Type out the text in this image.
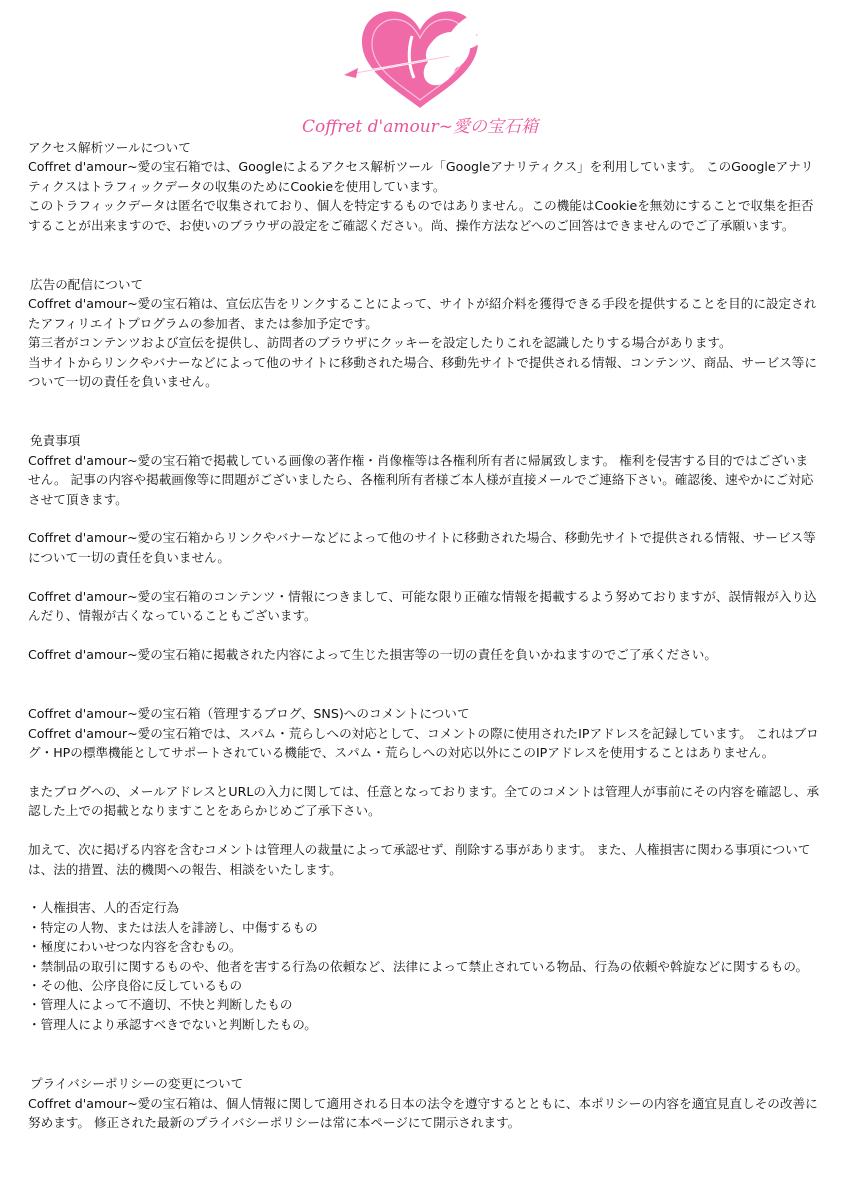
Coffret d'amour~愛の宝石箱
アクセス解析ツールについて

Coffret d'amour~愛の宝石箱では、Googleによるアクセス解析ツール「Googleアナリティクス」を利用しています。 このGoogleアナリティクスはトラフィックデータの収集のためにCookieを使用しています。
このトラフィックデータは匿名で収集されており、個人を特定するものではありません。この機能はCookieを無効にすることで収集を拒否することが出来ますので、お使いのブラウザの設定をご確認ください。尚、操作方法などへのご回答はできませんのでご了承願います。

広告の配信について

Coffret d'amour~愛の宝石箱は、宣伝広告をリンクすることによって、サイトが紹介料を獲得できる手段を提供することを目的に設定されたアフィリエイトプログラムの参加者、または参加予定です。
第三者がコンテンツおよび宣伝を提供し、訪問者のブラウザにクッキーを設定したりこれを認識したりする場合があります。
当サイトからリンクやバナーなどによって他のサイトに移動された場合、移動先サイトで提供される情報、コンテンツ、商品、サービス等について一切の責任を負いません。

免責事項

Coffret d'amour~愛の宝石箱で掲載している画像の著作権・肖像権等は各権利所有者に帰属致します。 権利を侵害する目的ではございません。 記事の内容や掲載画像等に問題がございましたら、各権利所有者様ご本人様が直接メールでご連絡下さい。確認後、速やかにご対応させて頂きます。

Coffret d'amour~愛の宝石箱からリンクやバナーなどによって他のサイトに移動された場合、移動先サイトで提供される情報、サービス等について一切の責任を負いません。

Coffret d'amour~愛の宝石箱のコンテンツ・情報につきまして、可能な限り正確な情報を掲載するよう努めておりますが、誤情報が入り込んだり、情報が古くなっていることもございます。

Coffret d'amour~愛の宝石箱に掲載された内容によって生じた損害等の一切の責任を負いかねますのでご了承ください。

Coffret d'amour~愛の宝石箱（管理するブログ、SNS)へのコメントについて

Coffret d'amour~愛の宝石箱では、スパム・荒らしへの対応として、コメントの際に使用されたIPアドレスを記録しています。 これはブログ・HPの標準機能としてサポートされている機能で、スパム・荒らしへの対応以外にこのIPアドレスを使用することはありません。

またブログへの、メールアドレスとURLの入力に関しては、任意となっております。全てのコメントは管理人が事前にその内容を確認し、承認した上での掲載となりますことをあらかじめご了承下さい。

加えて、次に掲げる内容を含むコメントは管理人の裁量によって承認せず、削除する事があります。 また、人権損害に関わる事項については、法的措置、法的機関への報告、相談をいたします。

・人権損害、人的否定行為
・特定の人物、または法人を誹謗し、中傷するもの
・極度にわいせつな内容を含むもの。
・禁制品の取引に関するものや、他者を害する行為の依頼など、法律によって禁止されている物品、行為の依頼や斡旋などに関するもの。
・その他、公序良俗に反しているもの
・管理人によって不適切、不快と判断したもの
・管理人により承認すべきでないと判断したもの。
プライバシーポリシーの変更について

Coffret d'amour~愛の宝石箱は、個人情報に関して適用される日本の法令を遵守するとともに、本ポリシーの内容を適宜見直しその改善に努めます。 修正された最新のプライバシーポリシーは常に本ページにて開示されます。
